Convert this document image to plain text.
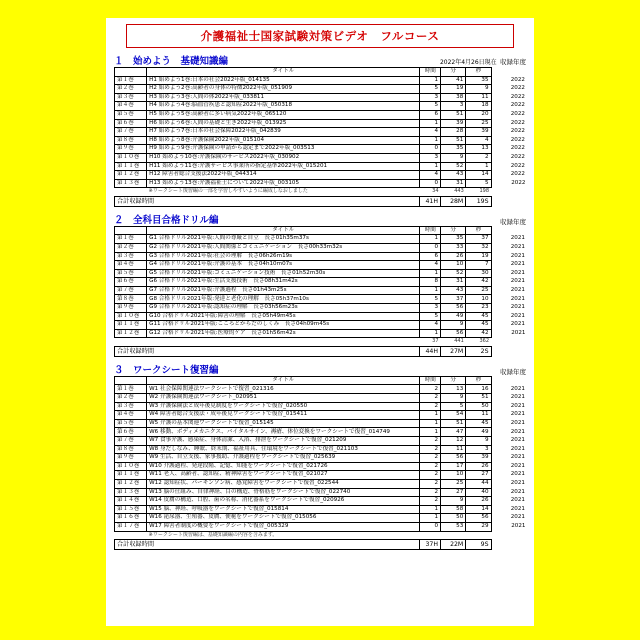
介護福祉士国家試験対策ビデオ　フルコース
１　始めよう　基礎知識編	2022年4月26日現在 収録年度
	タイトル	時間	分	秒	
第１巻	H1 始めよう1巻:日本の社会2022年版_014135	1	41	35	2022
第２巻	H2 始めよう2巻:高齢者の身体の特徴2022年版_051909	5	19	9	2022
第３巻	H3 始めよう3巻:人間の体2022年版_033811	3	38	11	2022
第４巻	H4 始めよう4巻:脳血管疾患と認知症2022年版_050318	5	3	18	2022
第５巻	H5 始めよう5巻:高齢者に多い病気2022年版_065120	6	51	20	2022
第６巻	H6 始めよう6巻:人間の基礎と生き2022年版_013925	1	39	25	2022
第７巻	H7 始めよう7巻:日本の社会保障2022年版_042839	4	28	39	2022
第８巻	H8 始めよう8巻:介護保険2022年版_015104	1	51	4	2022
第９巻	H9 始めよう9巻:介護保険の申請から認定まで2022年版_003513	0	35	13	2022
第１０巻	H10 始めよう10巻:介護保険のサービス2022年版_030902	3	9	2	2022
第１１巻	H11 始めよう11巻:介護サービス事業所の指定基準2022年版_015201	1	52	1	2022
第１２巻	H12 障害者総合支援法2022年版_044314	4	43	14	2022
第１３巻	H13 始めよう13巻:介護福祉士について2022年版_003105	0	31	5	2022
	※ワークシート復習編の一部を学習しやすいように編成しなおしました	34	443	198	
合計収録時間		41H	28M	19S	
２　全科目合格ドリル編	収録年度
	タイトル	時間	分	秒	
第１巻	G1 合格ドリル2021年版:人間の尊厳と自立　長さ01h35m37s	1	35	37	2021
第２巻	G2 合格ドリル2021年版:人間関係とコミュニケーション　長さ00h33m32s	0	33	32	2021
第３巻	G3 合格ドリル2021年版:社会の理解　長さ06h26m19s	6	26	19	2021
第４巻	G4 合格ドリル2021年版:介護の基本　長さ04h10m07s	4	10	7	2021
第５巻	G5 合格ドリル2021年版:コミュニケーション技術　長さ01h52m30s	1	52	30	2021
第６巻	G6 合格ドリル2021年版:生活支援技術　長さ08h31m42s	8	31	42	2021
第７巻	G7 合格ドリル2021年版:介護過程　長さ01h43m25s	1	43	25	2021
第８巻	G8 合格ドリル2021年版:発達と老化の理解　長さ05h37m10s	5	37	10	2021
第９巻	G9 合格ドリル2021年版:認知症の理解　長さ03h56m23s	3	56	23	2021
第１０巻	G10 合格ドリル2021年版:障害の理解　長さ05h49m45s	5	49	45	2021
第１１巻	G11 合格ドリル2021年版:こころとからだのしくみ　長さ04h09m45s	4	9	45	2021
第１２巻	G12 合格ドリル2021年版:医療的ケア　長さ01h56m42s	1	56	42	2021
		37	441	362	
合計収録時間		44H	27M	2S	
３　ワークシート復習編	収録年度
	タイトル	時間	分	秒	
第１巻	W1 社会保障関連法ワークシートで復習_021316	2	13	16	2021
第２巻	W2 介護保険関連法ワークシート_020951	2	9	51	2021
第３巻	W3 介護保険法と成年後見制度をワークシートで復習_020550	2	5	50	2021
第４巻	W4 障害者総合支援法・成年後見ワークシートで復習_015411	1	54	11	2021
第５巻	W5 介護の基本関連ワークシートで復習_015145	1	51	45	2021
第６巻	W6 移動、ボディメカニクス、バイタルサイン、褥瘡、体位変換をワークシートで復習_014749	1	47	49	2021
第７巻	W7 食事介護、感染症、身体清潔、入浴、排泄をワークシートで復習_021209	2	12	9	2021
第８巻	W8 身だしなみ、睡眠、終末期、福祉用具、住環境をワークシートで復習_021103	2	11	3	2021
第９巻	W9 生活、自立支援、家事援助、介護過程をワークシートで復習_025639	2	56	39	2021
第１０巻	W10 介護過程、発達段階、記憶、知能をワークシートで復習_021726	2	17	26	2021
第１１巻	W11 老人、高齢者、認知症、精神障害をワークシートで復習_021027	2	10	27	2021
第１２巻	W12 認知症状、パーキンソン病、感覚障害をワークシートで復習_022544	2	25	44	2021
第１３巻	W13 脳の仕組み、自律神経、目の構造、骨格筋をワークシートで復習_022740	2	27	40	2021
第１４巻	W14 皮膚の構造、口腔、歯の名称、消化器系をワークシートで復習_020926	2	9	26	2021
第１５巻	W15 脳、神経、呼吸器をワークシートで復習_015814	1	58	14	2021
第１６巻	W16 泌尿器、生殖器、皮膚、便秘をワークシートで復習_015056	1	50	56	2021
第１７巻	W17 障害者制度の概要をワークシートで復習_005329	0	53	29	2021
	※ワークシート復習編は、基礎知識編の内容を含みます。				
合計収録時間		37H	22M	9S	
